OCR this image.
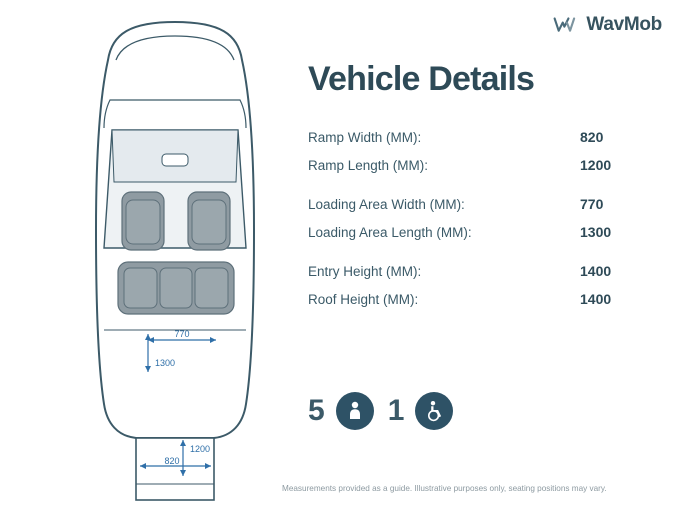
WavMob
770
1300
1200
820
Vehicle Details
Ramp Width (MM):	820
Ramp Length (MM):	1200
Loading Area Width (MM):	770
Loading Area Length (MM):	1300
Entry Height (MM):	1400
Roof Height (MM):	1400
5 1
Measurements provided as a guide. Illustrative purposes only, seating positions may vary.
